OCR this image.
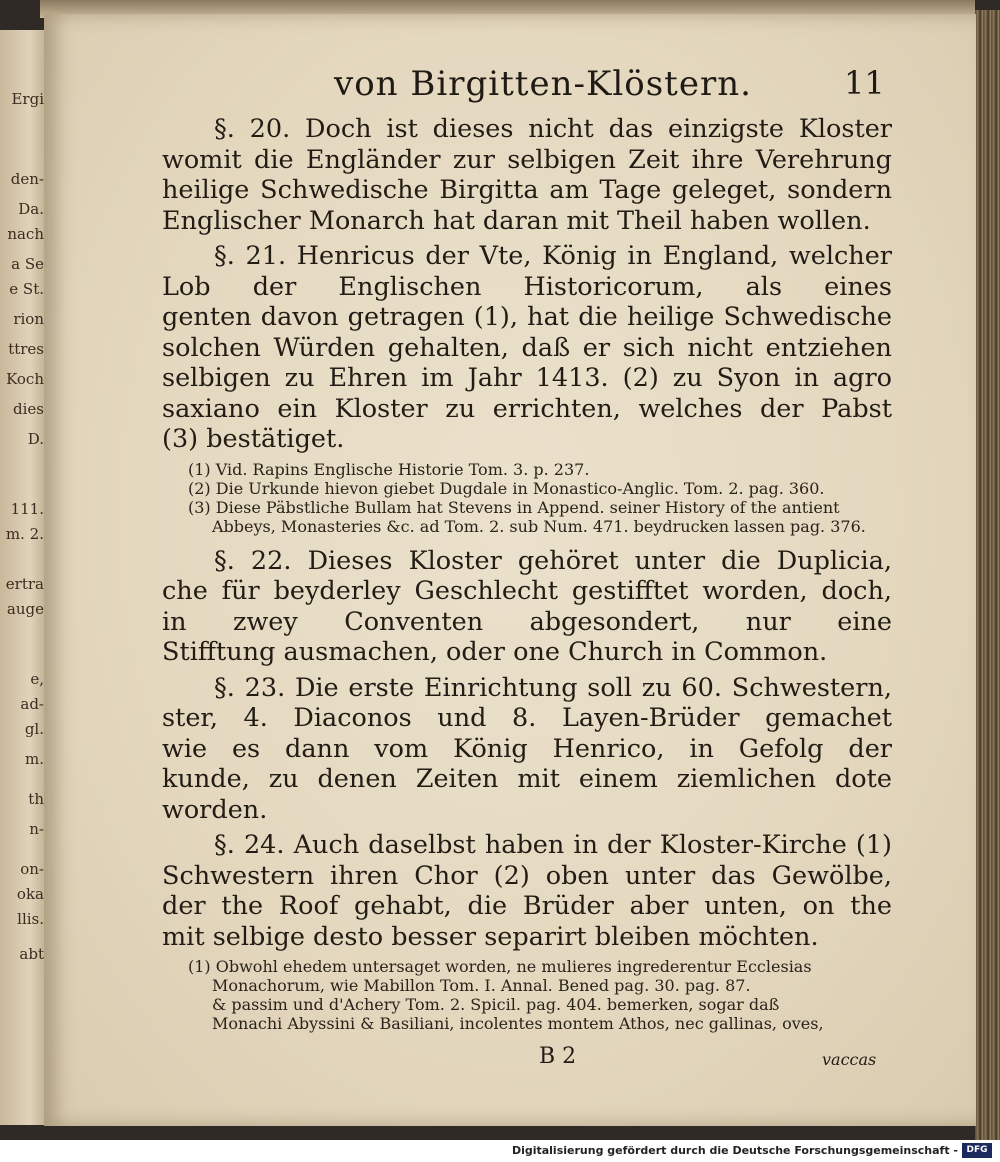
Ergi
den-
Da.
nach
a Se
e St.
rion
ttres
Koch
dies
D.
111.
m. 2.
ertra
auge
e,
ad-
gl.
m.
th
n-
on-
oka
llis.
abt
von Birgitten-Klöstern.	11
§. 20. Doch ist dieses nicht das einzigste Kloster
womit die Engländer zur selbigen Zeit ihre Verehrung
heilige Schwedische Birgitta am Tage geleget, sondern
Englischer Monarch hat daran mit Theil haben wollen.
§. 21. Henricus der Vte, König in England, welcher
Lob der Englischen Historicorum, als eines
genten davon getragen (1), hat die heilige Schwedische
solchen Würden gehalten, daß er sich nicht entziehen
selbigen zu Ehren im Jahr 1413. (2) zu Syon in agro
saxiano ein Kloster zu errichten, welches der Pabst
(3) bestätiget.
(1) Vid. Rapins Englische Historie Tom. 3. p. 237.
(2) Die Urkunde hievon giebet Dugdale in Monastico-Anglic. Tom. 2. pag. 360.
(3) Diese Päbstliche Bullam hat Stevens in Append. seiner History of the antient
Abbeys, Monasteries &c. ad Tom. 2. sub Num. 471. beydrucken lassen pag. 376.
§. 22. Dieses Kloster gehöret unter die Duplicia,
che für beyderley Geschlecht gestifftet worden, doch,
in zwey Conventen abgesondert, nur eine
Stifftung ausmachen, oder one Church in Common.
§. 23. Die erste Einrichtung soll zu 60. Schwestern,
ster, 4. Diaconos und 8. Layen-Brüder gemachet
wie es dann vom König Henrico, in Gefolg der
kunde, zu denen Zeiten mit einem ziemlichen dote
worden.
§. 24. Auch daselbst haben in der Kloster-Kirche (1)
Schwestern ihren Chor (2) oben unter das Gewölbe,
der the Roof gehabt, die Brüder aber unten, on the
mit selbige desto besser separirt bleiben möchten.
(1) Obwohl ehedem untersaget worden, ne mulieres ingrederentur Ecclesias
Monachorum, wie Mabillon Tom. I. Annal. Bened pag. 30. pag. 87.
& passim und d'Achery Tom. 2. Spicil. pag. 404. bemerken, sogar daß
Monachi Abyssini & Basiliani, incolentes montem Athos, nec gallinas, oves,
B 2	vaccas
Digitalisierung gefördert durch die Deutsche Forschungsgemeinschaft - DFG
